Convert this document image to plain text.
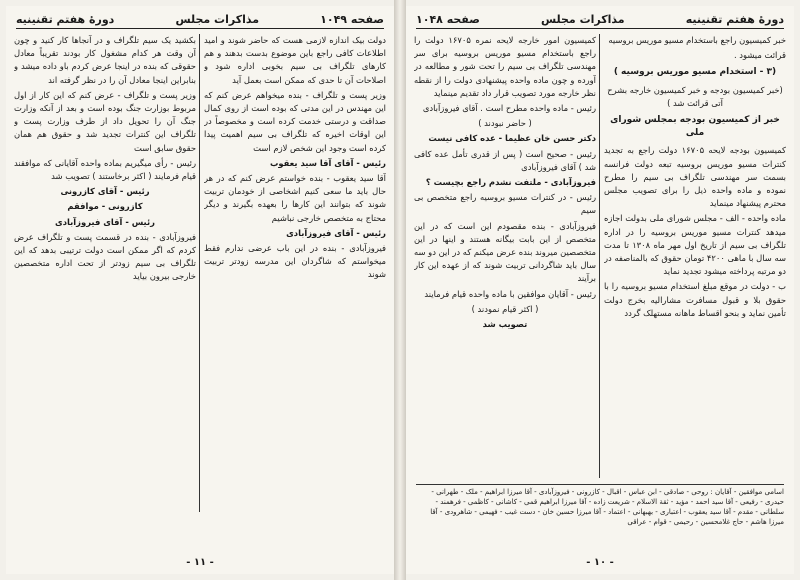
صفحه ۱۰۴۹
مذاکرات مجلس
دورهٔ هفتم تقنینیه

دولت بیک اندازه لازمی هست که حاضر شوند و امید اطلاعات کافی راجع باین موضوع بدست بدهند و هم کارهای تلگراف بی سیم بخوبی اداره شود و اصلاحات آن تا حدی که ممکن است بعمل آید

وزیر پست و تلگراف - بنده میخواهم عرض کنم که این مهندس در این مدتی که بوده است از روی کمال صداقت و درستی خدمت کرده است و مخصوصاً در این اوقات اخیره که تلگراف بی سیم اهمیت پیدا کرده است وجود این شخص لازم است

رئیس - آقای آقا سید یعقوب

آقا سید یعقوب - بنده خواستم عرض کنم که در هر حال باید ما سعی کنیم اشخاصی از خودمان تربیت شوند که بتوانند این کارها را بعهده بگیرند و دیگر محتاج به متخصص خارجی نباشیم

رئیس - آقای فیروزآبادی

فیروزآبادی - بنده در این باب عرضی ندارم فقط میخواستم که شاگردان این مدرسه زودتر تربیت شوند

بکشید یک سیم تلگراف و در آنجاها کار کنید و چون آن وقت هر کدام مشغول کار بودند تقریباً معادل حقوقی که بنده در اینجا عرض کردم باو داده میشد و بنابراین اینجا معادل آن را در نظر گرفته اند

وزیر پست و تلگراف - عرض کنم که این کار از اول مربوط بوزارت جنگ بوده است و بعد از آنکه وزارت جنگ آن را تحویل داد از طرف وزارت پست و تلگراف این کنترات تجدید شد و حقوق هم همان حقوق سابق است

رئیس - رأی میگیریم بماده واحده آقایانی که موافقند قیام فرمایند ( اکثر برخاستند ) تصویب شد

رئیس - آقای کازرونی

کازرونی - موافقم

رئیس - آقای فیروزآبادی

فیروزآبادی - بنده در قسمت پست و تلگراف عرض کردم که اگر ممکن است دولت ترتیبی بدهد که این تلگراف بی سیم زودتر از تحت اداره متخصصین خارجی بیرون بیاید

- ۱۱ -
دورهٔ هفتم تقنینیه
مذاکرات مجلس
صفحه ۱۰۴۸

خبر کمیسیون راجع باستخدام مسیو موریس بروسیه

قرائت میشود .

(۳ - استخدام مسیو موریس بروسیه )

(خبر کمیسیون بودجه و خبر کمیسیون خارجه بشرح آتی قرائت شد )

خبر از کمیسیون بودجه بمجلس شورای ملی

کمیسیون بودجه لایحه ۱۶۷۰۵ دولت راجع به تجدید کنترات مسیو موریس بروسیه تبعه دولت فرانسه بسمت سر مهندسی تلگراف بی سیم را مطرح نموده و ماده واحده ذیل را برای تصویب مجلس محترم پیشنهاد مینماید

ماده واحده - الف - مجلس شورای ملی بدولت اجازه میدهد کنترات مسیو موریس بروسیه را در اداره تلگراف بی سیم از تاریخ اول مهر ماه ۱۳۰۸ تا مدت سه سال با ماهی ۴۲۰۰ تومان حقوق که بالمناصفه در دو مرتبه پرداخته میشود تجدید نماید

ب - دولت در موقع مبلغ استخدام مسیو بروسیه را با حقوق بلا و قبول مسافرت مشارالیه بخرج دولت تأمین نماید و بنحو اقساط ماهانه مستهلک گردد

کمیسیون امور خارجه لایحه نمره ۱۶۷۰۵ دولت را راجع باستخدام مسیو موریس بروسیه برای سر مهندسی تلگراف بی سیم را تحت شور و مطالعه در آورده و چون ماده واحده پیشنهادی دولت را از نقطه نظر خارجه مورد تصویب قرار داد تقدیم مینماید

رئیس - ماده واحده مطرح است . آقای فیروزآبادی

( حاضر نبودند )

دکتر حسن خان عظیما - عده کافی نیست

رئیس - صحیح است ( پس از قدری تأمل عده کافی شد ) آقای فیروزآبادی

فیروزآبادی - ملتفت نشدم راجع بچیست ؟

رئیس - در کنترات مسیو بروسیه راجع متخصص بی سیم

فیروزآبادی - بنده مقصودم این است که در این متخصص از این بابت بیگانه هستند و اینها در این متخصصین میروند بنده عرض میکنم که در این دو سه سال باید شاگردانی تربیت شوند که از عهده این کار برآیند

رئیس - آقایان موافقین با ماده واحده قیام فرمایند

( اکثر قیام نمودند )

تصویب شد

اسامی موافقین - آقایان : روحی - صادقی - ابن عباس - اقبال - کازرونی - فیروزآبادی - آقا میرزا ابراهیم - ملک - طهرانی - حیدری - رفیعی - آقا سید احمد - مؤید - ثقة الاسلام - شریعت زاده - آقا میرزا ابراهیم قمی - کاشانی - کاظمی - فرهمند - سلطانی - مقدم - آقا سید یعقوب - اعتباری - بهبهانی - اعتماد - آقا میرزا حسین خان - دست غیب - فهیمی - شاهرودی - آقا میرزا هاشم - حاج غلامحسین - رحیمی - قوام - عراقی
- ۱۰ -
